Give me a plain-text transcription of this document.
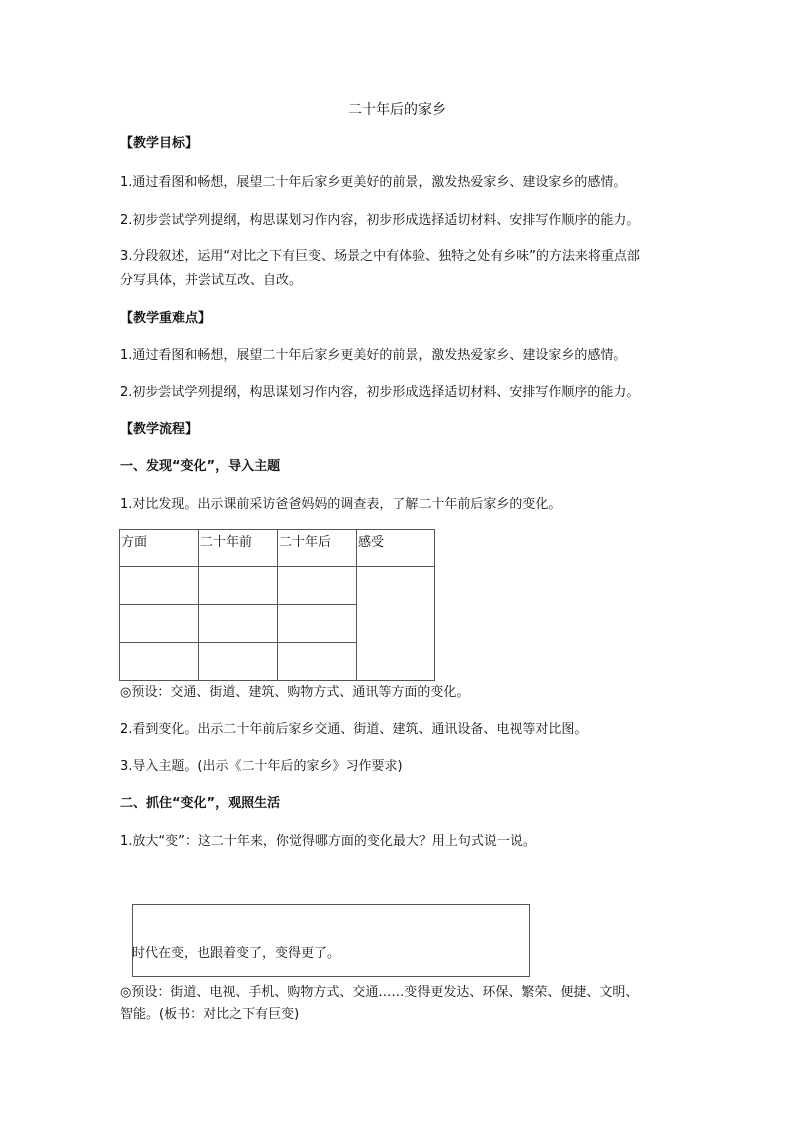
二十年后的家乡
【教学目标】
1.通过看图和畅想，展望二十年后家乡更美好的前景，激发热爱家乡、建设家乡的感情。
2.初步尝试学列提纲，构思谋划习作内容，初步形成选择适切材料、安排写作顺序的能力。
3.分段叙述，运用“对比之下有巨变、场景之中有体验、独特之处有乡味”的方法来将重点部
分写具体，并尝试互改、自改。
【教学重难点】
1.通过看图和畅想，展望二十年后家乡更美好的前景，激发热爱家乡、建设家乡的感情。
2.初步尝试学列提纲，构思谋划习作内容，初步形成选择适切材料、安排写作顺序的能力。
【教学流程】
一、发现“变化”，导入主题
1.对比发现。出示课前采访爸爸妈妈的调查表，了解二十年前后家乡的变化。
方面	二十年前	二十年后	感受

◎预设：交通、街道、建筑、购物方式、通讯等方面的变化。
2.看到变化。出示二十年前后家乡交通、街道、建筑、通讯设备、电视等对比图。
3.导入主题。(出示《二十年后的家乡》习作要求)
二、抓住“变化”，观照生活
1.放大“变”：这二十年来，你觉得哪方面的变化最大？用上句式说一说。
时代在变，也跟着变了，变得更了。
◎预设：街道、电视、手机、购物方式、交通……变得更发达、环保、繁荣、便捷、文明、
智能。(板书：对比之下有巨变)
